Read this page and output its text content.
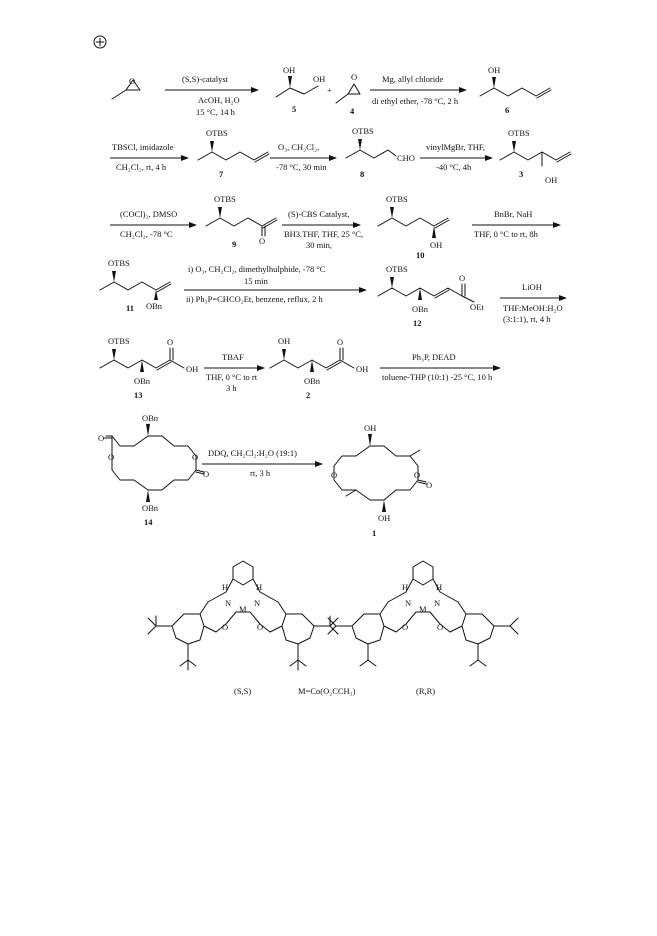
O	(S,S)-catalyst
AcOH, H₂O
15 °C, 14 h
OH
OH
5
+
O
4
Mg, allyl chloride
di ethyl ether, -78 °C, 2 h
OH
6
TBSCl, imidazole
CH₂Cl₂, rt, 4 h
OTBS
7
O₃, CH₂Cl₂,
-78 °C, 30 min
OTBS
CHO
8
vinylMgBr, THF,
-40 °C, 4h
OTBS
OH
3
(COCl)₂, DMSO
CH₂Cl₂, -78 °C
OTBS
O
9
(S)-CBS Catalyst,
BH3.THF, THF, 25 °C,
30 min,
OTBS
OH
10
BnBr, NaH
THF, 0 °C to rt, 8h
OTBS
OBn
11
i) O₃, CH₂Cl₂, dimethylhulphide, -78 °C
15 min
ii) Ph₃P=CHCO₂Et, benzene, reflux, 2 h
OTBS
O
OEt
OBn
12
LiOH
THF:MeOH:H₂O
(3:1:1), rt, 4 h
OTBS	O
OH
OBn
13
TBAF
THF, 0 °C to rt
3 h
OH	O
OH
OBn
2
Ph₃P, DEAD
toluene-THP (10:1) -25 °C, 10 h
O
O
O	O
OBn
OBn
14
DDQ, CH₂Cl₂:H₂O (19:1)
rt, 3 h	O	O
O
OH
OH
1
H	H
N	N
M
O	O
H	H
N	N
M
O	O
(S,S)	M=Co(O₂CCH₃)	(R,R)
